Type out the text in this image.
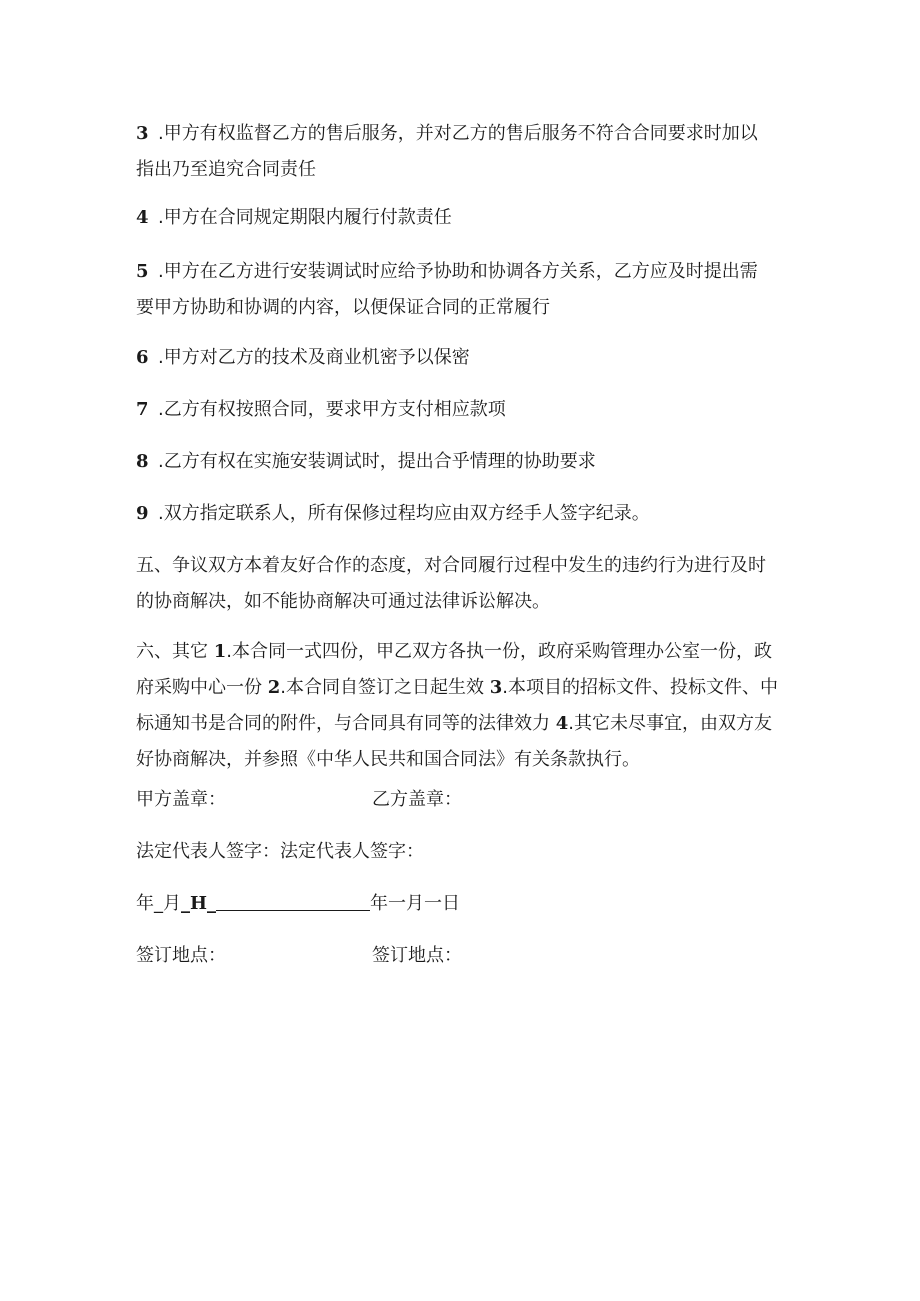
3 .甲方有权监督乙方的售后服务，并对乙方的售后服务不符合合同要求时加以
指出乃至追究合同责任
4 .甲方在合同规定期限内履行付款责任
5 .甲方在乙方进行安装调试时应给予协助和协调各方关系，乙方应及时提出需
要甲方协助和协调的内容，以便保证合同的正常履行
6 .甲方对乙方的技术及商业机密予以保密
7 .乙方有权按照合同，要求甲方支付相应款项
8 .乙方有权在实施安装调试时，提出合乎情理的协助要求
9 .双方指定联系人，所有保修过程均应由双方经手人签字纪录。
五、争议双方本着友好合作的态度，对合同履行过程中发生的违约行为进行及时
的协商解决，如不能协商解决可通过法律诉讼解决。
六、其它 1.本合同一式四份，甲乙双方各执一份，政府采购管理办公室一份，政
府采购中心一份 2.本合同自签订之日起生效 3.本项目的招标文件、投标文件、中
标通知书是合同的附件，与合同具有同等的法律效力 4.其它未尽事宜，由双方友
好协商解决，并参照《中华人民共和国合同法》有关条款执行。
甲方盖章：	乙方盖章：
法定代表人签字：法定代表人签字：
年_月_H_	年一月一日
签订地点：	签订地点：
